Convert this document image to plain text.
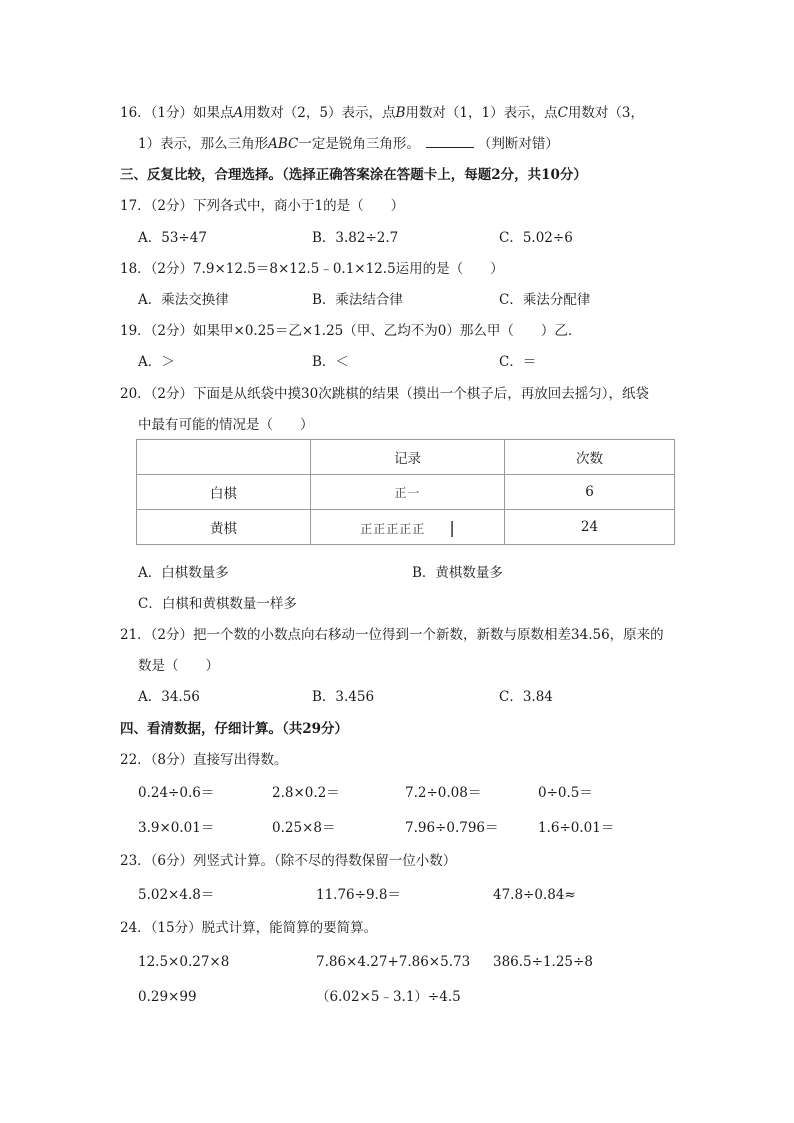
16．（1分）如果点A用数对（2，5）表示，点B用数对（1，1）表示，点C用数对（3，
1）表示，那么三角形ABC一定是锐角三角形。	（判断对错）
三、反复比较，合理选择。（选择正确答案涂在答题卡上，每题2分，共10分）
17．（2分）下列各式中，商小于1的是（　　）
A．53÷47	B．3.82÷2.7	C．5.02÷6
18．（2分）7.9×12.5＝8×12.5﹣0.1×12.5运用的是（　　）
A．乘法交换律	B．乘法结合律	C．乘法分配律
19．（2分）如果甲×0.25＝乙×1.25（甲、乙均不为0）那么甲（　　）乙．
A．＞	B．＜	C．＝
20．（2分）下面是从纸袋中摸30次跳棋的结果（摸出一个棋子后，再放回去摇匀），纸袋
中最有可能的情况是（　　）
	记录	次数
白棋	正一	6
黄棋	正正正正正 |	24
A．白棋数量多	B．黄棋数量多
C．白棋和黄棋数量一样多
21．（2分）把一个数的小数点向右移动一位得到一个新数，新数与原数相差34.56，原来的
数是（　　）
A．34.56	B．3.456	C．3.84
四、看清数据，仔细计算。（共29分）
22．（8分）直接写出得数。
0.24÷0.6＝	2.8×0.2＝	7.2÷0.08＝	0÷0.5＝
3.9×0.01＝	0.25×8＝	7.96÷0.796＝	1.6÷0.01＝
23．（6分）列竖式计算。（除不尽的得数保留一位小数）
5.02×4.8＝	11.76÷9.8＝	47.8÷0.84≈
24．（15分）脱式计算，能简算的要简算。
12.5×0.27×8	7.86×4.27+7.86×5.73 386.5÷1.25÷8
0.29×99	（6.02×5﹣3.1）÷4.5
